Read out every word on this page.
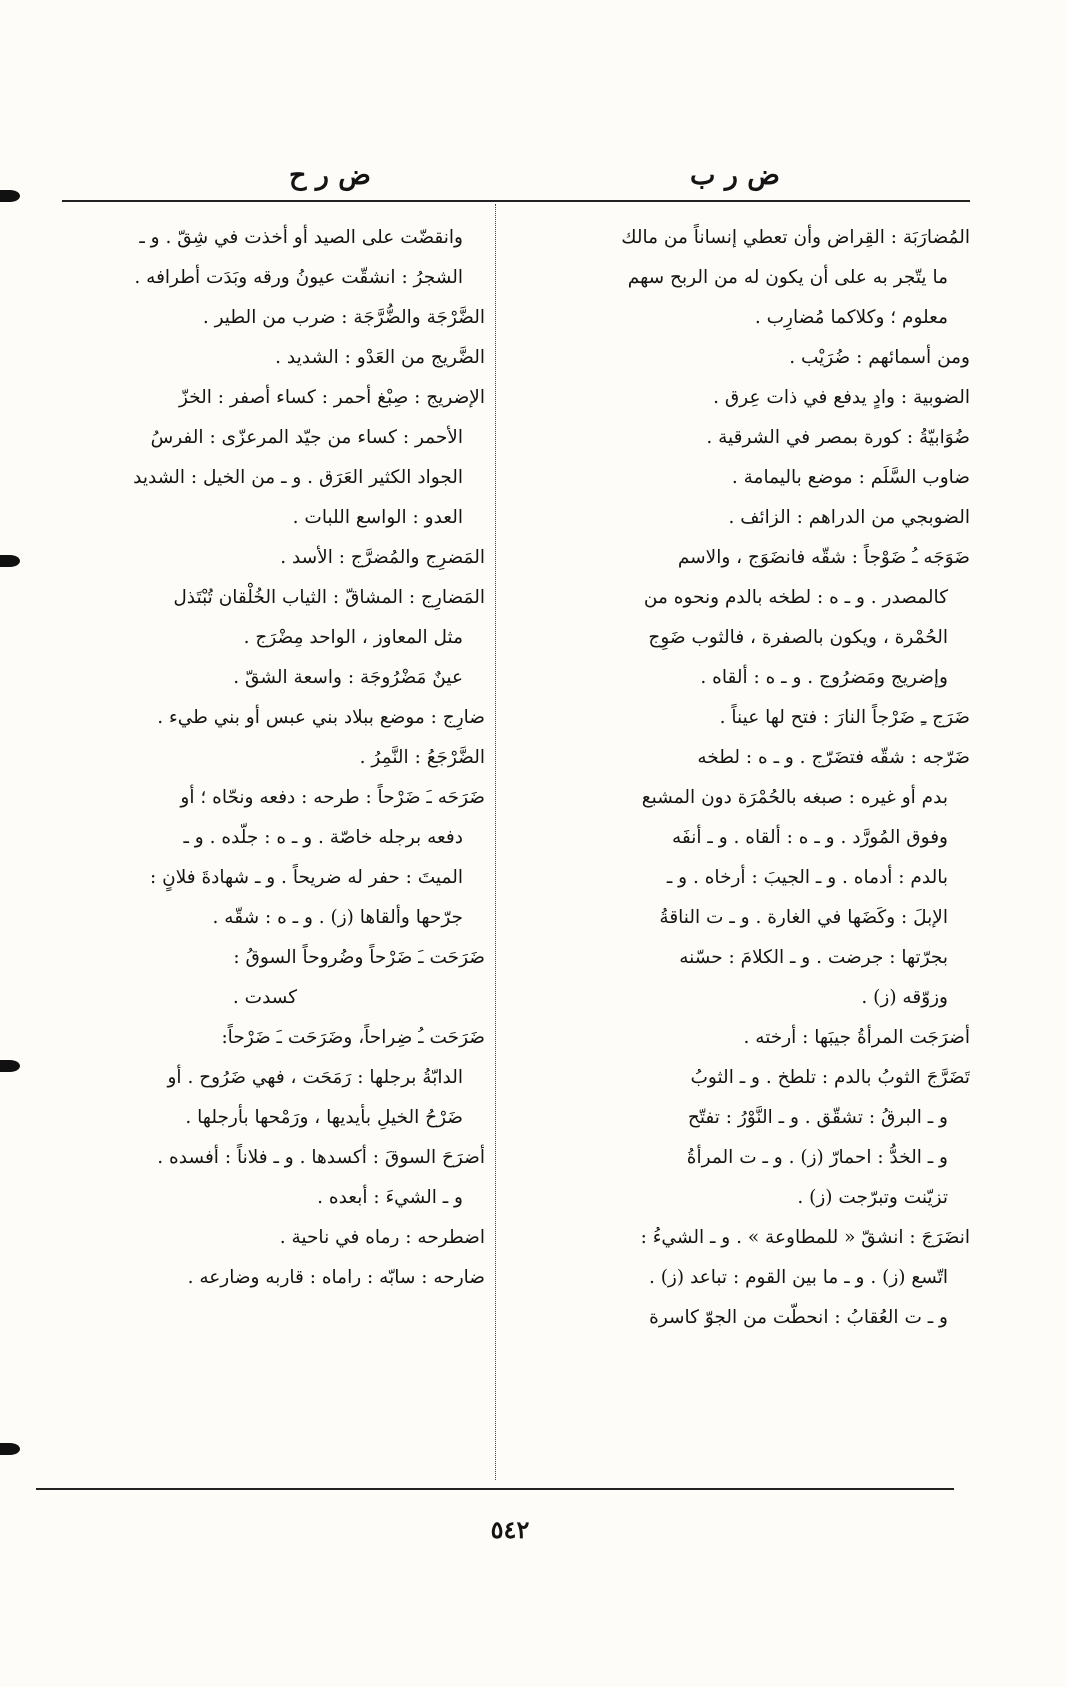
ض ر ب
ض ر ح
المُضارَبَة : القِراض وأن تعطي إنساناً من مالك
ما يتّجر به على أن يكون له من الربح سهم
معلوم ؛ وكلاكما مُضارِب .
ومن أسمائهم : ضُرَيْب .
الضوبية : وادٍ يدفع في ذات عِرق .
ضُوَابيّةُ : كورة بمصر في الشرقية .
ضاوب السَّلَم : موضع باليمامة .
الضوبجي من الدراهم : الزائف .
ضَوَجَه ـُ ضَوْجاً : شقّه فانضَوَج ، والاسم
كالمصدر . و ـ ه : لطخه بالدم ونحوه من
الحُمْرة ، ويكون بالصفرة ، فالثوب ضَوِج
وإضريج ومَضرُوج . و ـ ه : ألقاه .
ضَرَج ـِ ضَرْجاً النارَ : فتح لها عيناً .
ضَرّجه : شقّه فتضَرّج . و ـ ه : لطخه
بدم أو غيره : صبغه بالحُمْرَة دون المشبع
وفوق المُورَّد . و ـ ه : ألقاه . و ـ أنفَه
بالدم : أدماه . و ـ الجيبَ : أرخاه . و ـ
الإبلَ : وكَضَها في الغارة . و ـ ت الناقةُ
بجرّتها : جرضت . و ـ الكلامَ : حسّنه
وزوّقه (ز) .
أضرَجَت المرأةُ جيبَها : أرخته .
تَضَرَّجَ الثوبُ بالدم : تلطخ . و ـ الثوبُ
و ـ البرقُ : تشقّق . و ـ النَّوْرُ : تفتّح
و ـ الخدُّ : احمارّ (ز) . و ـ ت المرأةُ
تزيّنت وتبرّجت (ز) .
انضَرَجَ : انشقّ « للمطاوعة » . و ـ الشيءُ :
اتّسع (ز) . و ـ ما بين القوم : تباعد (ز) .
و ـ ت العُقابُ : انحطّت من الجوّ كاسرة
وانقضّت على الصيد أو أخذت في شِقّ . و ـ
الشجرُ : انشقّت عيونُ ورقه وبَدَت أطرافه .
الضَّرْجَة والضُّرَّجَة : ضرب من الطير .
الضَّريج من العَدْو : الشديد .
الإضريج : صِبْغ أحمر : كساء أصفر : الخزّ
الأحمر : كساء من جيّد المرعزّى : الفرسُ
الجواد الكثير العَرَق . و ـ من الخيل : الشديد
العدو : الواسع اللبات .
المَضرِج والمُضرَّج : الأسد .
المَضارِج : المشاقّ : الثياب الخُلْقان تُبْتَذل
مثل المعاوز ، الواحد مِضْرَج .
عينٌ مَضْرُوجَة : واسعة الشقّ .
ضارِج : موضع ببلاد بني عبس أو بني طيء .
الضَّرْجَعُ : النَّمِرُ .
ضَرَحَه ـَ ضَرْحاً : طرحه : دفعه ونحّاه ؛ أو
دفعه برجله خاصّة . و ـ ه : جلّده . و ـ
الميتَ : حفر له ضريحاً . و ـ شهادةَ فلانٍ :
جرّحها وألقاها (ز) . و ـ ه : شقّه .
ضَرَحَت ـَ ضَرْحاً وضُروحاً السوقُ :
كسدت .
ضَرَحَت ـُ ضِراحاً، وضَرَحَت ـَ ضَرْحاً:
الدابّةُ برجلها : رَمَحَت ، فهي ضَرُوح . أو
ضَرْحُ الخيلِ بأيديها ، ورَمْحها بأرجلها .
أضرَحَ السوقَ : أكسدها . و ـ فلاناً : أفسده .
و ـ الشيءَ : أبعده .
اضطرحه : رماه في ناحية .
ضارحه : سابّه : راماه : قاربه وضارعه .
٥٤٢
